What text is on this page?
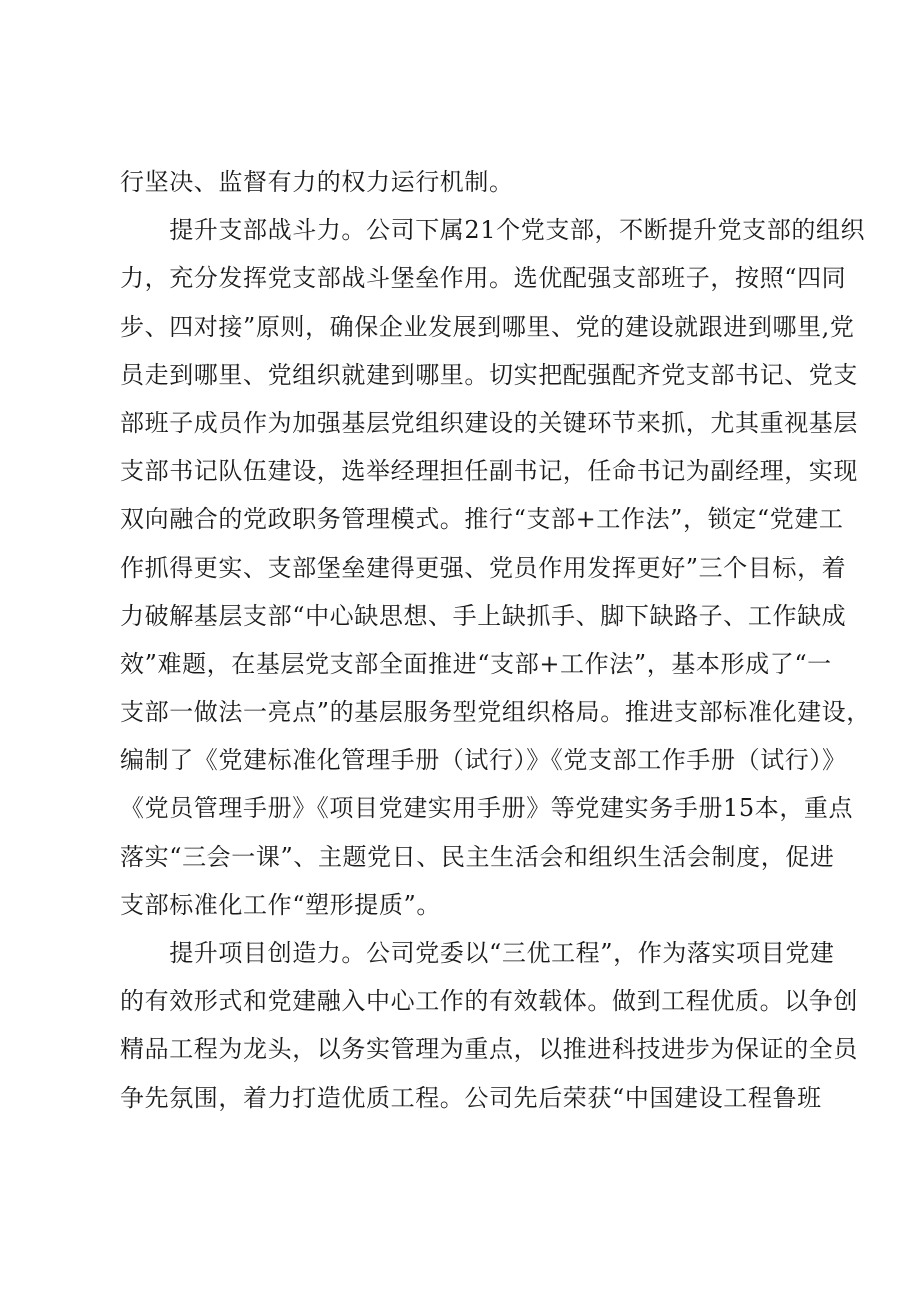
行坚决、监督有力的权力运行机制。
　　提升支部战斗力。公司下属21个党支部，不断提升党支部的组织
力，充分发挥党支部战斗堡垒作用。选优配强支部班子，按照“四同
步、四对接”原则，确保企业发展到哪里、党的建设就跟进到哪里,党
员走到哪里、党组织就建到哪里。切实把配强配齐党支部书记、党支
部班子成员作为加强基层党组织建设的关键环节来抓，尤其重视基层
支部书记队伍建设，选举经理担任副书记，任命书记为副经理，实现
双向融合的党政职务管理模式。推行“支部+工作法”，锁定“党建工
作抓得更实、支部堡垒建得更强、党员作用发挥更好”三个目标，着
力破解基层支部“中心缺思想、手上缺抓手、脚下缺路子、工作缺成
效”难题，在基层党支部全面推进“支部+工作法”，基本形成了“一
支部一做法一亮点”的基层服务型党组织格局。推进支部标准化建设，
编制了《党建标准化管理手册（试行）》《党支部工作手册（试行）》
《党员管理手册》《项目党建实用手册》等党建实务手册15本，重点
落实“三会一课”、主题党日、民主生活会和组织生活会制度，促进
支部标准化工作“塑形提质”。
　　提升项目创造力。公司党委以“三优工程”，作为落实项目党建
的有效形式和党建融入中心工作的有效载体。做到工程优质。以争创
精品工程为龙头，以务实管理为重点，以推进科技进步为保证的全员
争先氛围，着力打造优质工程。公司先后荣获“中国建设工程鲁班
